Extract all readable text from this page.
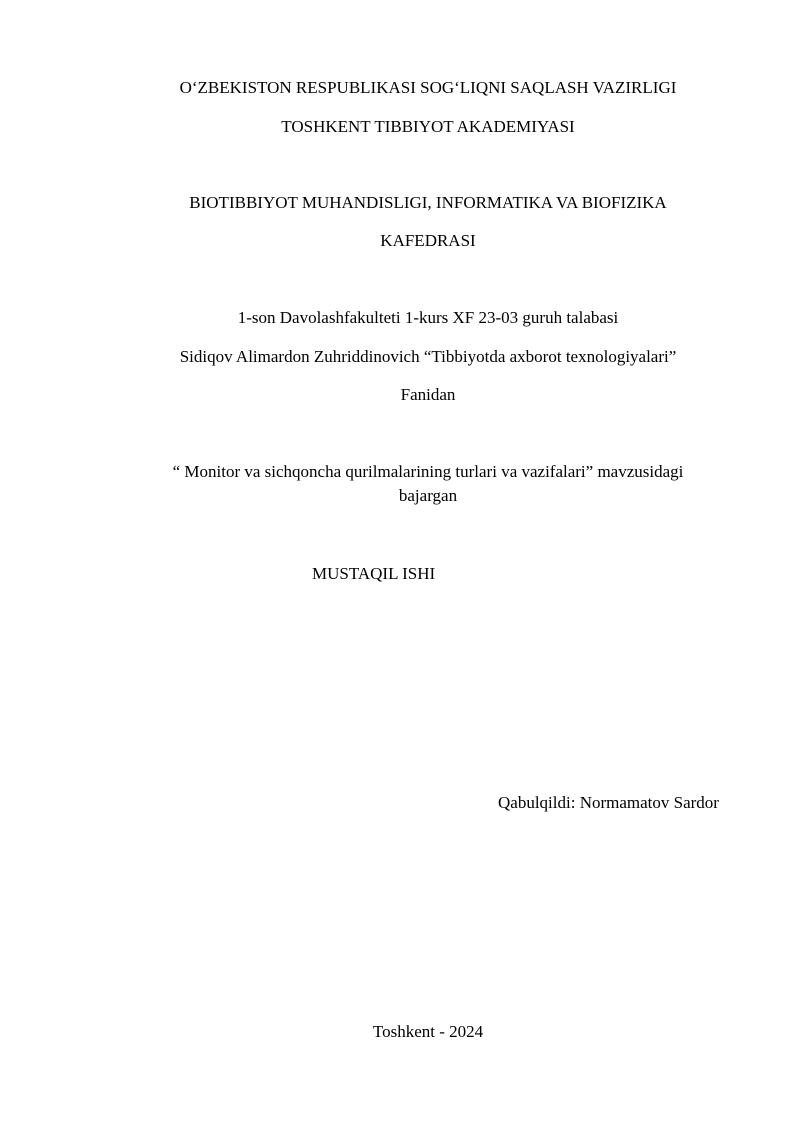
O‘ZBEKISTON RESPUBLIKASI SOG‘LIQNI SAQLASH VAZIRLIGI
TOSHKENT TIBBIYOT AKADEMIYASI
BIOTIBBIYOT MUHANDISLIGI, INFORMATIKA VA BIOFIZIKA
KAFEDRASI
1-son Davolashfakulteti 1-kurs XF 23-03 guruh talabasi
Sidiqov Alimardon Zuhriddinovich “Tibbiyotda axborot texnologiyalari”
Fanidan
“ Monitor va sichqoncha qurilmalarining turlari va vazifalari” mavzusidagi
bajargan
MUSTAQIL ISHI
Qabulqildi: Normamatov Sardor
Toshkent - 2024
